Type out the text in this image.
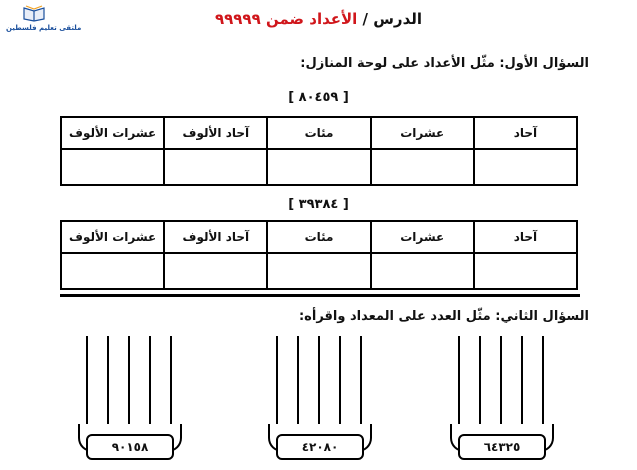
ملتقى تعليم فلسطين	الدرس / الأعداد ضمن ٩٩٩٩٩
السؤال الأول: مثّل الأعداد على لوحة المنازل:
[ ٨٠٤٥٩ ]
آحاد	عشرات	مئات	آحاد الألوف	عشرات الألوف

[ ٣٩٣٨٤ ]
آحاد	عشرات	مئات	آحاد الألوف	عشرات الألوف

السؤال الثاني: مثّل العدد على المعداد واقرأه:
٦٤٣٢٥
٤٢٠٨٠
٩٠١٥٨
